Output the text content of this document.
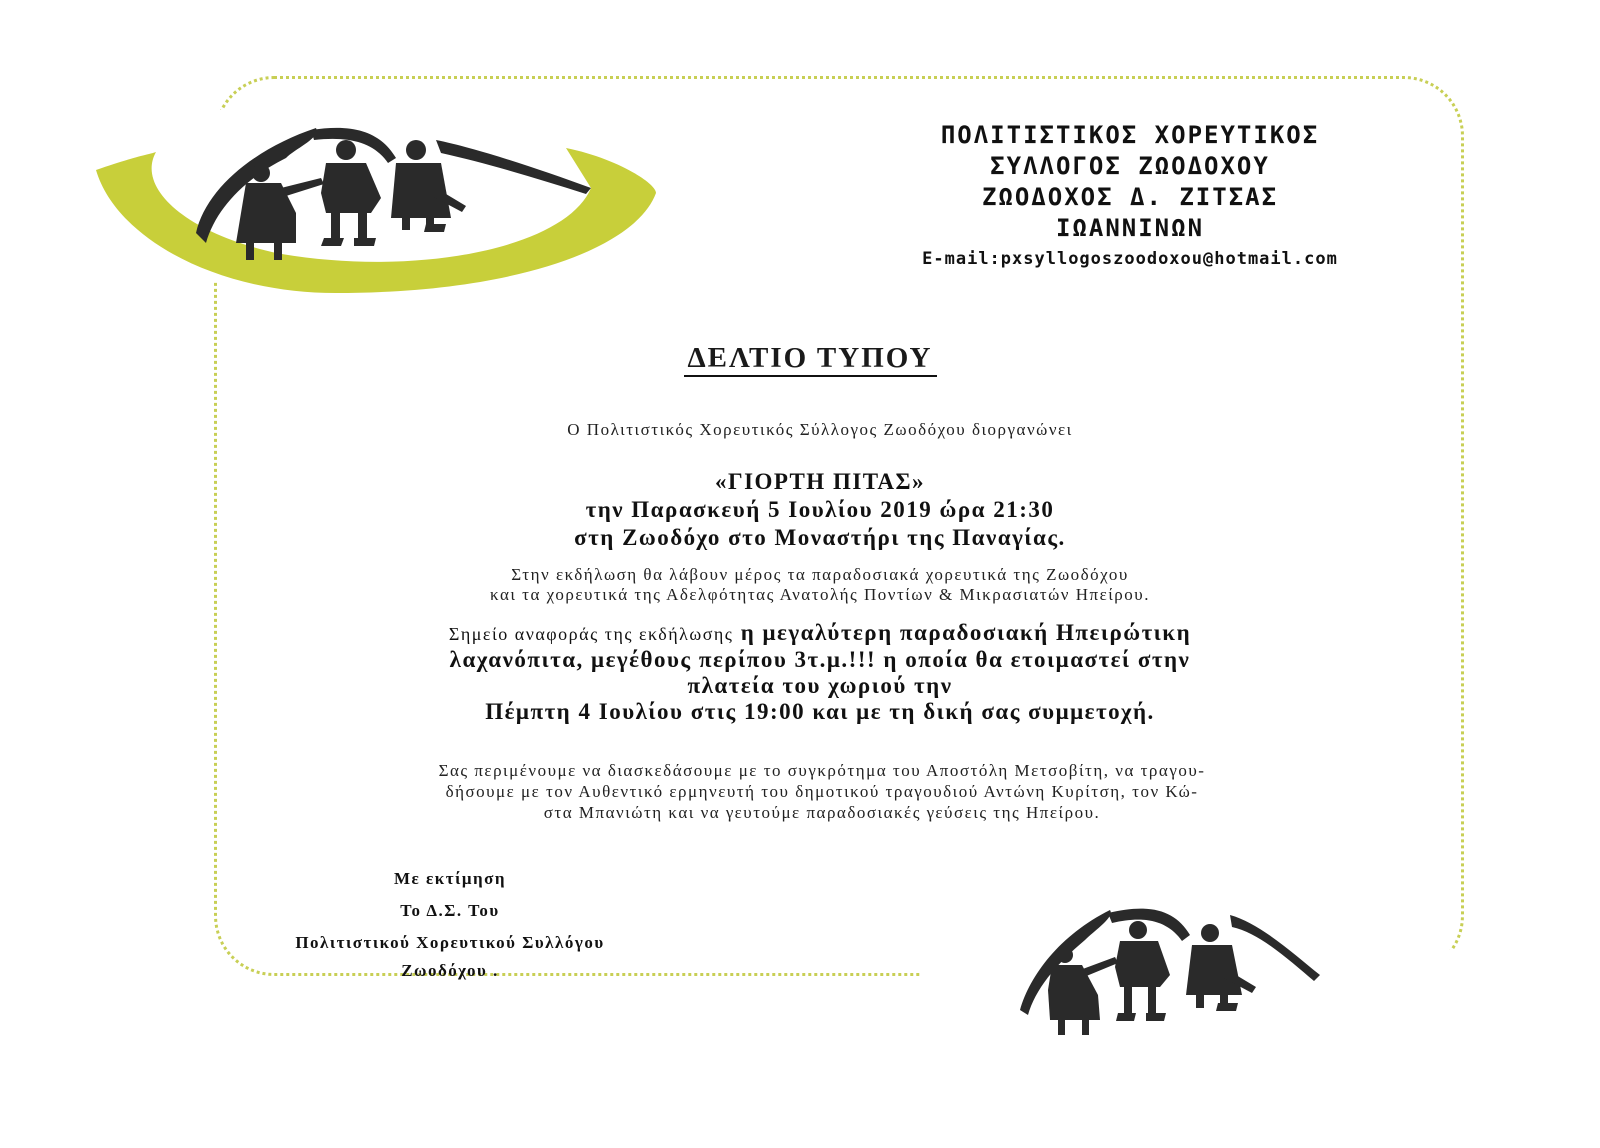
ΠΟΛΙΤΙΣΤΙΚΟΣ ΧΟΡΕΥΤΙΚΟΣ
ΣΥΛΛΟΓΟΣ ΖΩΟΔΟΧΟΥ
ΖΩΟΔΟΧΟΣ Δ. ΖΙΤΣΑΣ
ΙΩΑΝΝΙΝΩΝ
E-mail:pxsyllogoszoodoxou@hotmail.com
ΔΕΛΤΙΟ ΤΥΠΟΥ
Ο Πολιτιστικός Χορευτικός Σύλλογος Ζωοδόχου διοργανώνει
«ΓΙΟΡΤΗ ΠΙΤΑΣ»
την Παρασκευή 5 Ιουλίου 2019 ώρα 21:30
στη Ζωοδόχο στο Μοναστήρι της Παναγίας.
Στην εκδήλωση θα λάβουν μέρος τα παραδοσιακά χορευτικά της Ζωοδόχου
και τα χορευτικά της Αδελφότητας Ανατολής Ποντίων & Μικρασιατών Ηπείρου.
Σημείο αναφοράς της εκδήλωσης η μεγαλύτερη παραδοσιακή Ηπειρώτικη
λαχανόπιτα, μεγέθους περίπου 3τ.μ.!!! η οποία θα ετοιμαστεί στην
πλατεία του χωριού την
Πέμπτη 4 Ιουλίου στις 19:00 και με τη δική σας συμμετοχή.
Σας περιμένουμε να διασκεδάσουμε με το συγκρότημα του Αποστόλη Μετσοβίτη, να τραγου-
δήσουμε με τον Αυθεντικό ερμηνευτή του δημοτικού τραγουδιού Αντώνη Κυρίτση, τον Κώ-
στα Μπανιώτη και να γευτούμε παραδοσιακές γεύσεις της Ηπείρου.
Με εκτίμηση
Το Δ.Σ. Του
Πολιτιστικού Χορευτικού Συλλόγου Ζωοδόχου .
